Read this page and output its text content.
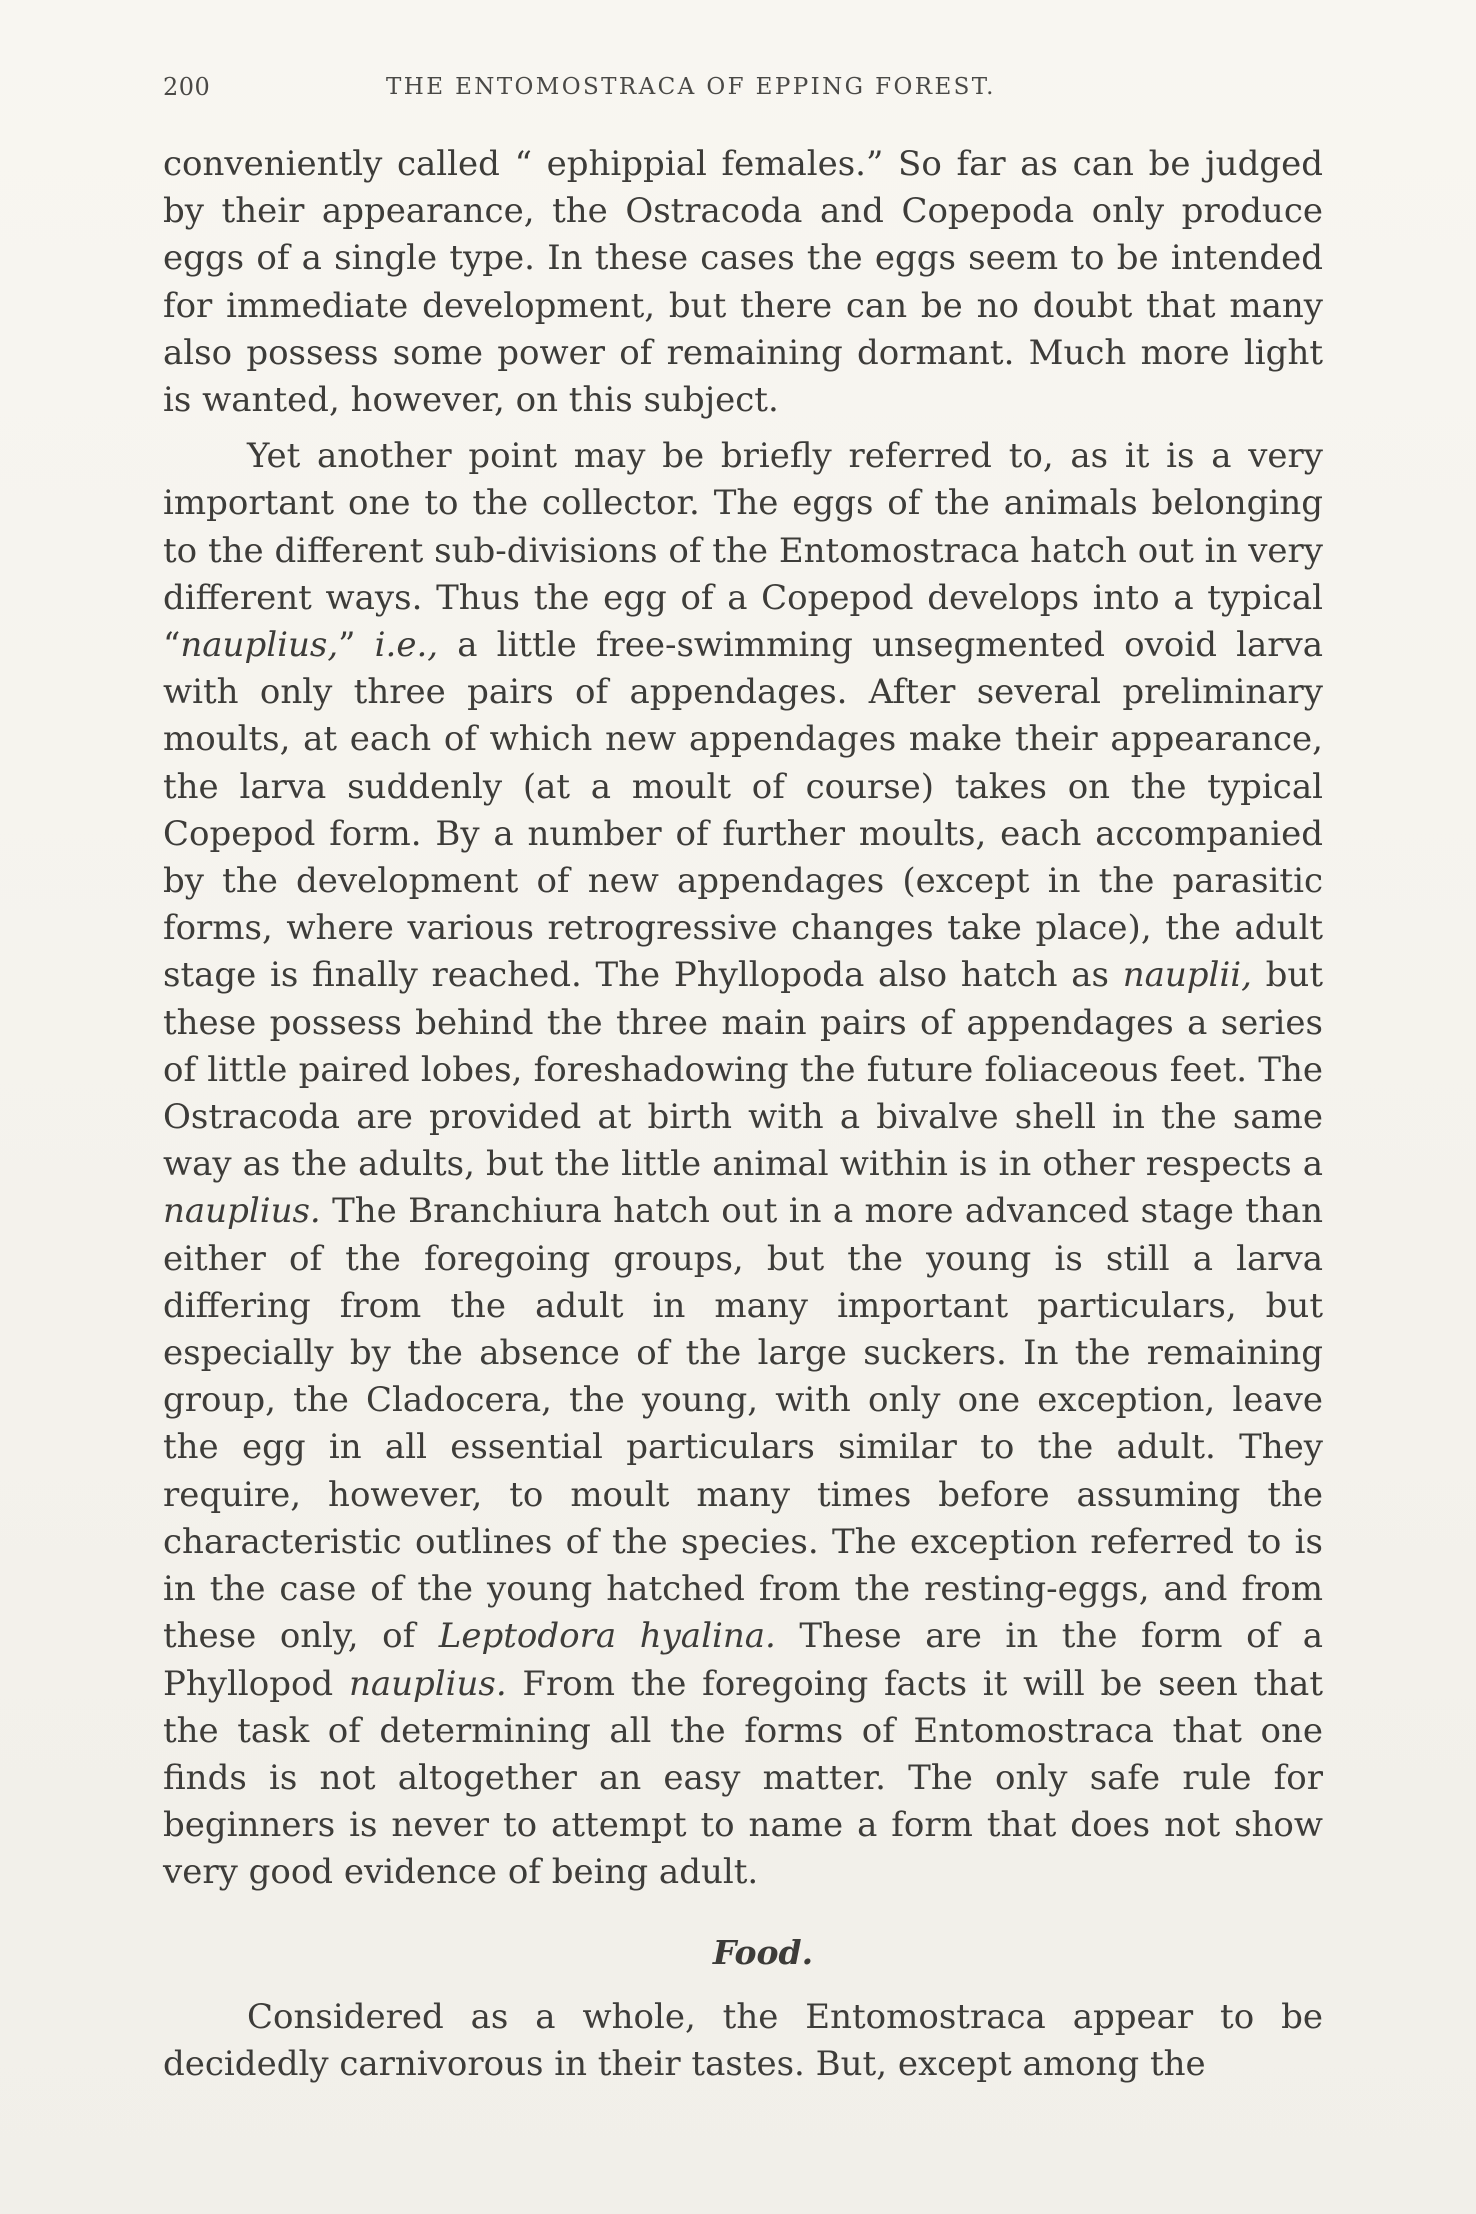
200	THE ENTOMOSTRACA OF EPPING FOREST.

conveniently called “ ephippial females.” So far as can be judged by their appearance, the Ostracoda and Copepoda only produce eggs of a single type. In these cases the eggs seem to be intended for immediate development, but there can be no doubt that many also possess some power of remaining dormant. Much more light is wanted, however, on this subject.

Yet another point may be briefly referred to, as it is a very important one to the collector. The eggs of the animals belonging to the different sub-divisions of the Entomostraca hatch out in very different ways. Thus the egg of a Copepod develops into a typical “nauplius,” i.e., a little free-swimming unsegmented ovoid larva with only three pairs of appendages. After several preliminary moults, at each of which new appendages make their appearance, the larva suddenly (at a moult of course) takes on the typical Copepod form. By a number of further moults, each accompanied by the development of new appendages (except in the parasitic forms, where various retrogressive changes take place), the adult stage is finally reached. The Phyllopoda also hatch as nauplii, but these possess behind the three main pairs of appendages a series of little paired lobes, foreshadowing the future foliaceous feet. The Ostracoda are provided at birth with a bivalve shell in the same way as the adults, but the little animal within is in other respects a nauplius. The Branchiura hatch out in a more advanced stage than either of the foregoing groups, but the young is still a larva differing from the adult in many important particulars, but especially by the absence of the large suckers. In the remaining group, the Cladocera, the young, with only one exception, leave the egg in all essential particulars similar to the adult. They require, however, to moult many times before assuming the characteristic outlines of the species. The exception referred to is in the case of the young hatched from the resting-eggs, and from these only, of Leptodora hyalina. These are in the form of a Phyllopod nauplius. From the foregoing facts it will be seen that the task of determining all the forms of Entomostraca that one finds is not altogether an easy matter. The only safe rule for beginners is never to attempt to name a form that does not show very good evidence of being adult.

Food.

Considered as a whole, the Entomostraca appear to be decidedly carnivorous in their tastes. But, except among the
